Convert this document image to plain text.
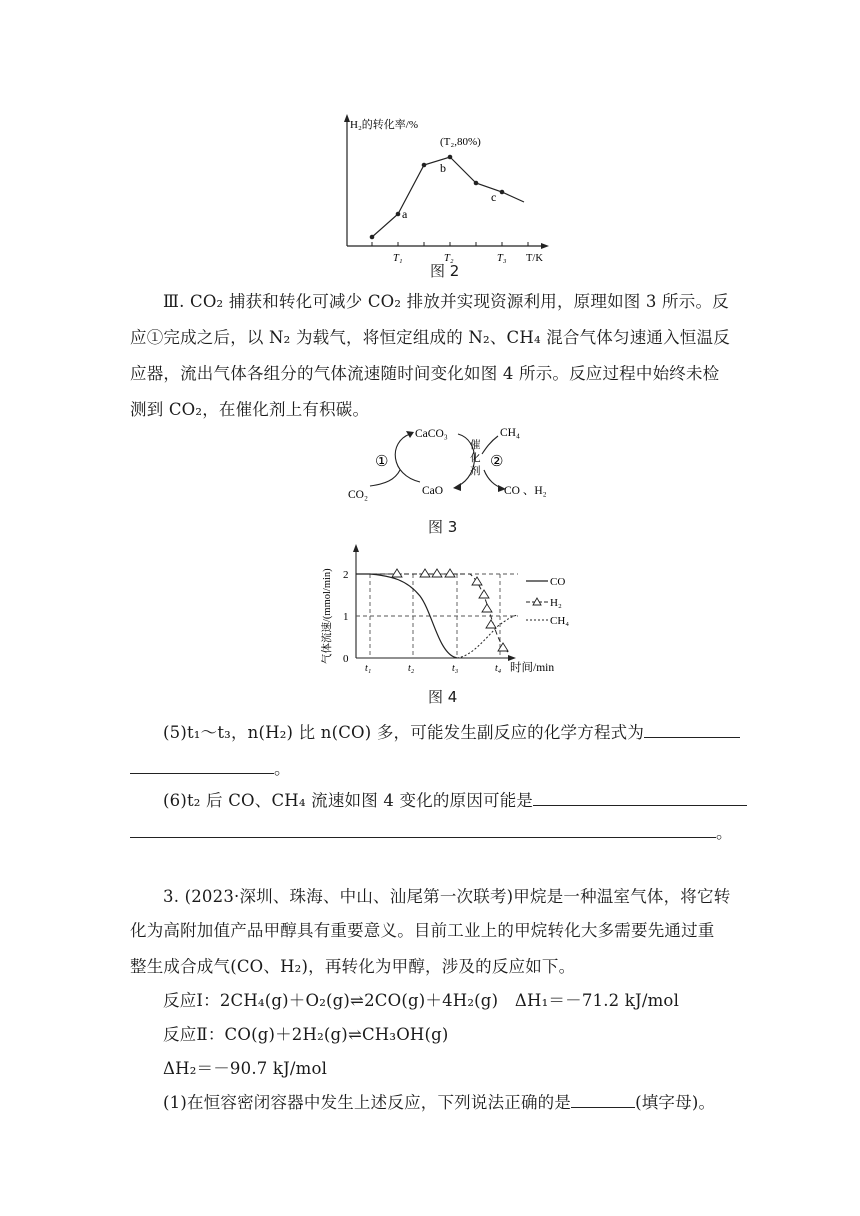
H₂的转化率/%
(T₂,80%)
a
b
c
T₁	T₂	T₃ T/K
图 2
Ⅲ. CO₂ 捕获和转化可减少 CO₂ 排放并实现资源利用，原理如图 3 所示。反
应①完成之后，以 N₂ 为载气，将恒定组成的 N₂、CH₄ 混合气体匀速通入恒温反
应器，流出气体各组分的气体流速随时间变化如图 4 所示。反应过程中始终未检
测到 CO₂，在催化剂上有积碳。
CaCO₃
CaO
CO₂
CH₄
CO 、H₂
①	②
催
化
剂
图 3
0
1
2
t₁	t₂	t₃	t₄ 时间/min
气体流速/(mmol/min)	CO
H₂
CH₄
图 4
(5)t₁～t₃，n(H₂) 比 n(CO) 多，可能发生副反应的化学方程式为
。
(6)t₂ 后 CO、CH₄ 流速如图 4 变化的原因可能是
。
3. (2023·深圳、珠海、中山、汕尾第一次联考)甲烷是一种温室气体，将它转
化为高附加值产品甲醇具有重要意义。目前工业上的甲烷转化大多需要先通过重
整生成合成气(CO、H₂)，再转化为甲醇，涉及的反应如下。
反应Ⅰ：2CH₄(g)＋O₂(g)⇌2CO(g)＋4H₂(g)　ΔH₁＝－71.2 kJ/mol
反应Ⅱ：CO(g)＋2H₂(g)⇌CH₃OH(g)
ΔH₂＝－90.7 kJ/mol
(1)在恒容密闭容器中发生上述反应，下列说法正确的是	(填字母)。
